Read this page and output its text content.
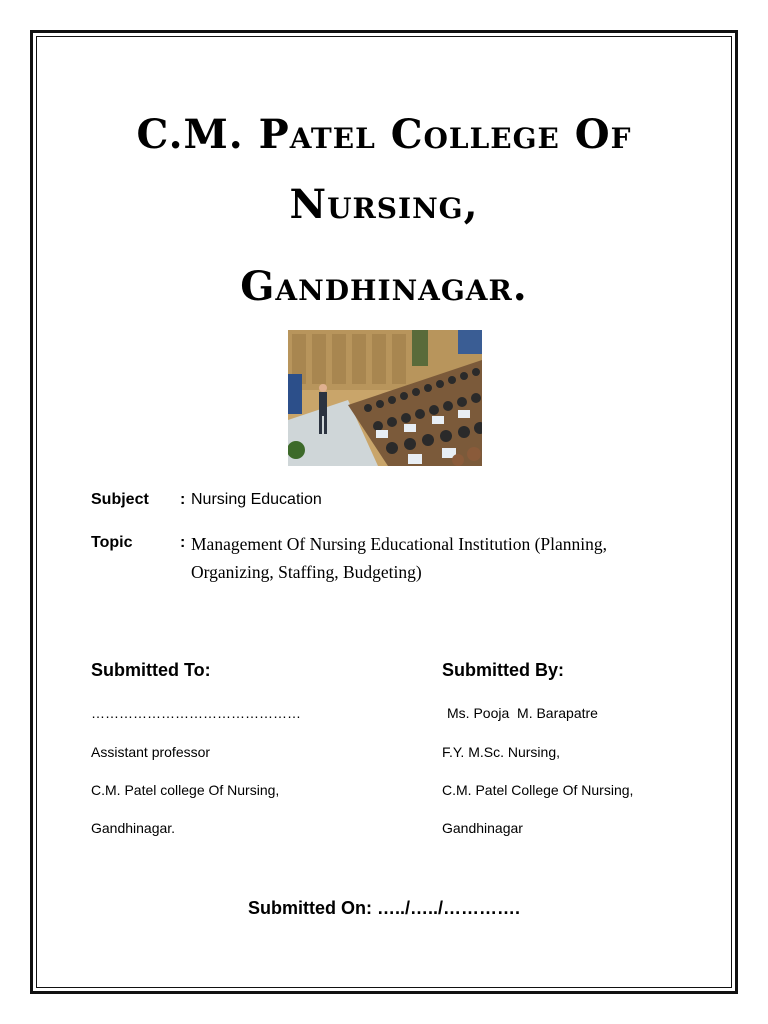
C.M. Patel College Of
Nursing,
Gandhinagar.
Subject : Nursing Education
Topic	: Management Of Nursing Educational Institution (Planning,
Organizing, Staffing, Budgeting)
Submitted To:
………………………………………
Assistant professor
C.M. Patel college Of Nursing,
Gandhinagar.
Submitted By:
Ms. Pooja  M. Barapatre
F.Y. M.Sc. Nursing,
C.M. Patel College Of Nursing,
Gandhinagar
Submitted On: …../…../………….
